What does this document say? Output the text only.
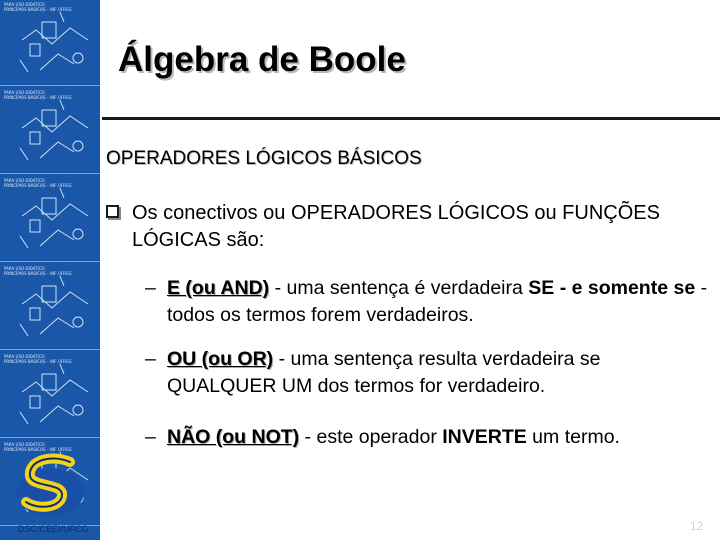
PARA USO DIDATICO
PRINCÍPIOS BÁSICOS – INF UFRGS
PARA USO DIDATICO
PRINCÍPIOS BÁSICOS – INF UFRGS
PARA USO DIDATICO
PRINCÍPIOS BÁSICOS – INF UFRGS
PARA USO DIDATICO
PRINCÍPIOS BÁSICOS – INF UFRGS
PARA USO DIDATICO
PRINCÍPIOS BÁSICOS – INF UFRGS
PARA USO DIDATICO
PRINCÍPIOS BÁSICOS – INF UFRGS
DSC/CEEI/UFCG
Álgebra de Boole
OPERADORES LÓGICOS BÁSICOS
Os conectivos ou OPERADORES LÓGICOS ou FUNÇÕES LÓGICAS são:
– E (ou AND) - uma sentença é verdadeira SE - e somente se - todos os termos forem verdadeiros.
– OU (ou OR) - uma sentença resulta verdadeira se QUALQUER UM dos termos for verdadeiro.
– NÃO (ou NOT) - este operador INVERTE um termo.
12
